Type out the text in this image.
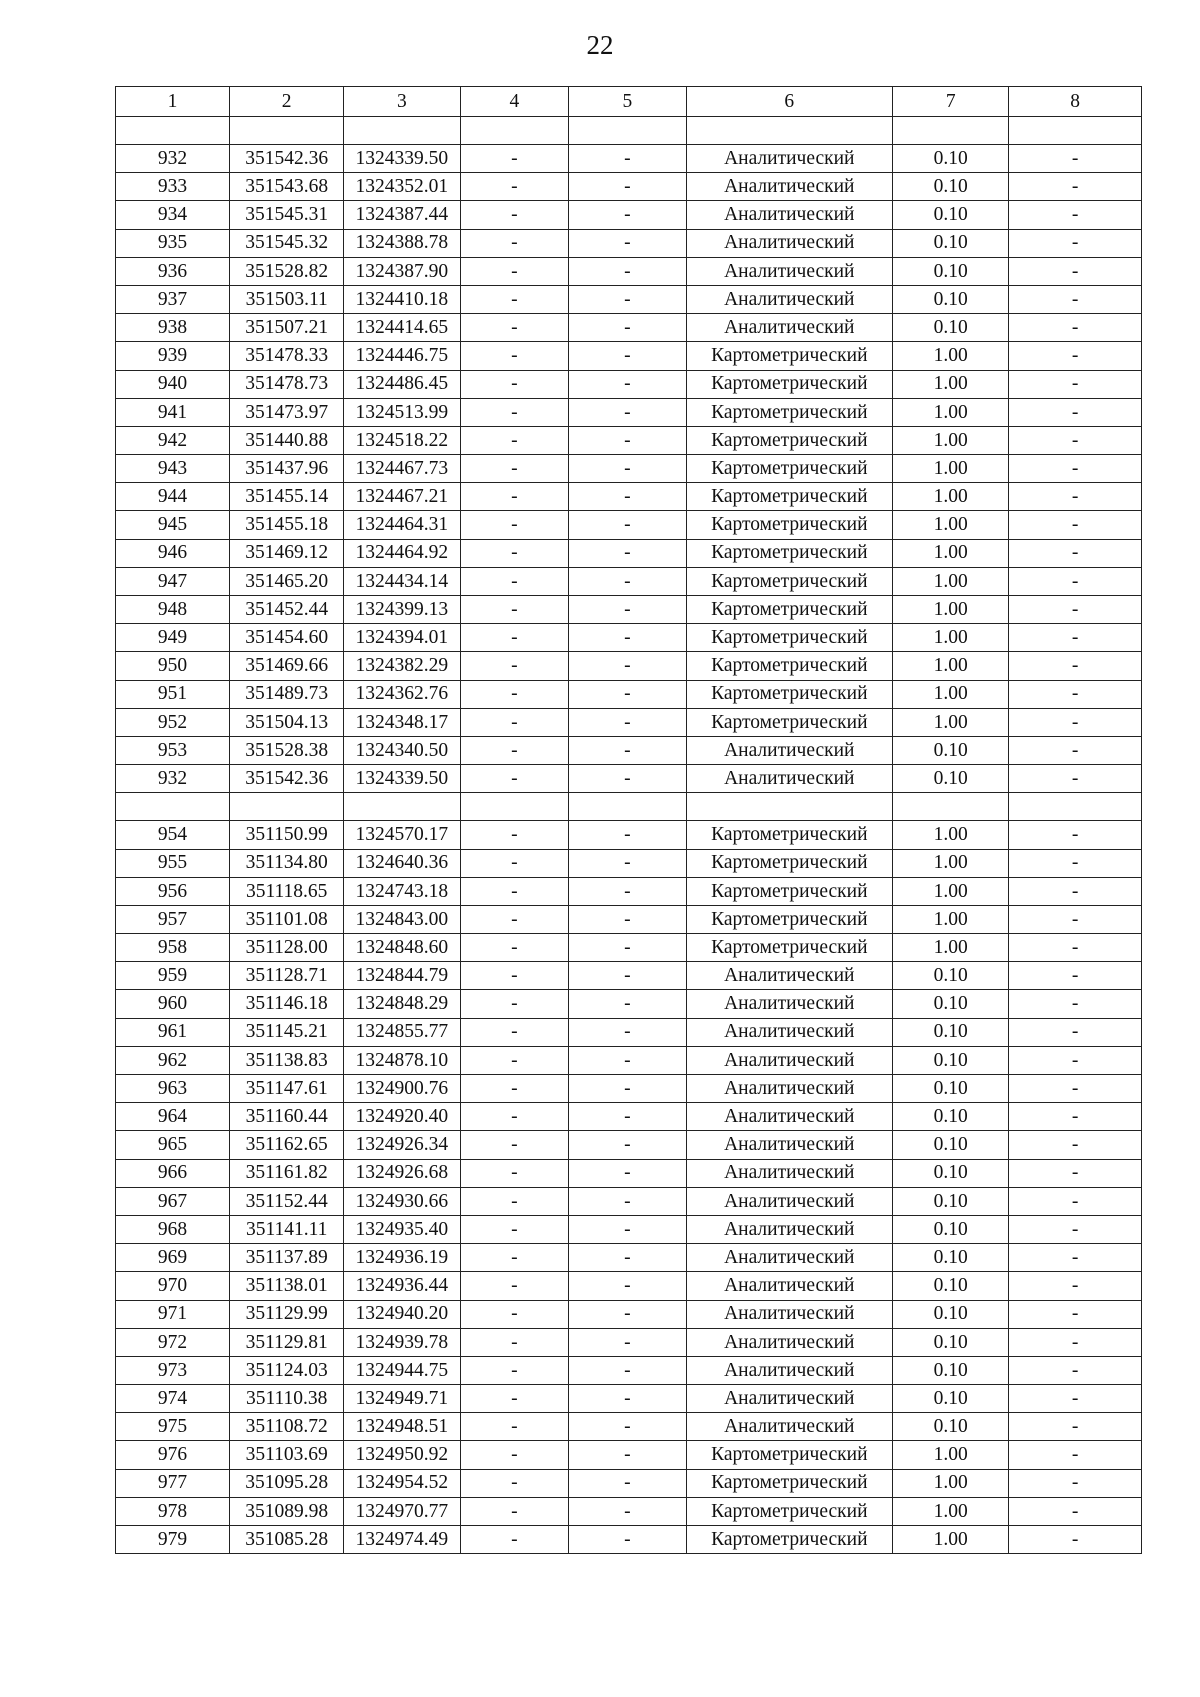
22
1	2	3	4	5	6	7	8

932	351542.36	1324339.50	-	-	Аналитический	0.10	-
933	351543.68	1324352.01	-	-	Аналитический	0.10	-
934	351545.31	1324387.44	-	-	Аналитический	0.10	-
935	351545.32	1324388.78	-	-	Аналитический	0.10	-
936	351528.82	1324387.90	-	-	Аналитический	0.10	-
937	351503.11	1324410.18	-	-	Аналитический	0.10	-
938	351507.21	1324414.65	-	-	Аналитический	0.10	-
939	351478.33	1324446.75	-	-	Картометрический	1.00	-
940	351478.73	1324486.45	-	-	Картометрический	1.00	-
941	351473.97	1324513.99	-	-	Картометрический	1.00	-
942	351440.88	1324518.22	-	-	Картометрический	1.00	-
943	351437.96	1324467.73	-	-	Картометрический	1.00	-
944	351455.14	1324467.21	-	-	Картометрический	1.00	-
945	351455.18	1324464.31	-	-	Картометрический	1.00	-
946	351469.12	1324464.92	-	-	Картометрический	1.00	-
947	351465.20	1324434.14	-	-	Картометрический	1.00	-
948	351452.44	1324399.13	-	-	Картометрический	1.00	-
949	351454.60	1324394.01	-	-	Картометрический	1.00	-
950	351469.66	1324382.29	-	-	Картометрический	1.00	-
951	351489.73	1324362.76	-	-	Картометрический	1.00	-
952	351504.13	1324348.17	-	-	Картометрический	1.00	-
953	351528.38	1324340.50	-	-	Аналитический	0.10	-
932	351542.36	1324339.50	-	-	Аналитический	0.10	-

954	351150.99	1324570.17	-	-	Картометрический	1.00	-
955	351134.80	1324640.36	-	-	Картометрический	1.00	-
956	351118.65	1324743.18	-	-	Картометрический	1.00	-
957	351101.08	1324843.00	-	-	Картометрический	1.00	-
958	351128.00	1324848.60	-	-	Картометрический	1.00	-
959	351128.71	1324844.79	-	-	Аналитический	0.10	-
960	351146.18	1324848.29	-	-	Аналитический	0.10	-
961	351145.21	1324855.77	-	-	Аналитический	0.10	-
962	351138.83	1324878.10	-	-	Аналитический	0.10	-
963	351147.61	1324900.76	-	-	Аналитический	0.10	-
964	351160.44	1324920.40	-	-	Аналитический	0.10	-
965	351162.65	1324926.34	-	-	Аналитический	0.10	-
966	351161.82	1324926.68	-	-	Аналитический	0.10	-
967	351152.44	1324930.66	-	-	Аналитический	0.10	-
968	351141.11	1324935.40	-	-	Аналитический	0.10	-
969	351137.89	1324936.19	-	-	Аналитический	0.10	-
970	351138.01	1324936.44	-	-	Аналитический	0.10	-
971	351129.99	1324940.20	-	-	Аналитический	0.10	-
972	351129.81	1324939.78	-	-	Аналитический	0.10	-
973	351124.03	1324944.75	-	-	Аналитический	0.10	-
974	351110.38	1324949.71	-	-	Аналитический	0.10	-
975	351108.72	1324948.51	-	-	Аналитический	0.10	-
976	351103.69	1324950.92	-	-	Картометрический	1.00	-
977	351095.28	1324954.52	-	-	Картометрический	1.00	-
978	351089.98	1324970.77	-	-	Картометрический	1.00	-
979	351085.28	1324974.49	-	-	Картометрический	1.00	-
